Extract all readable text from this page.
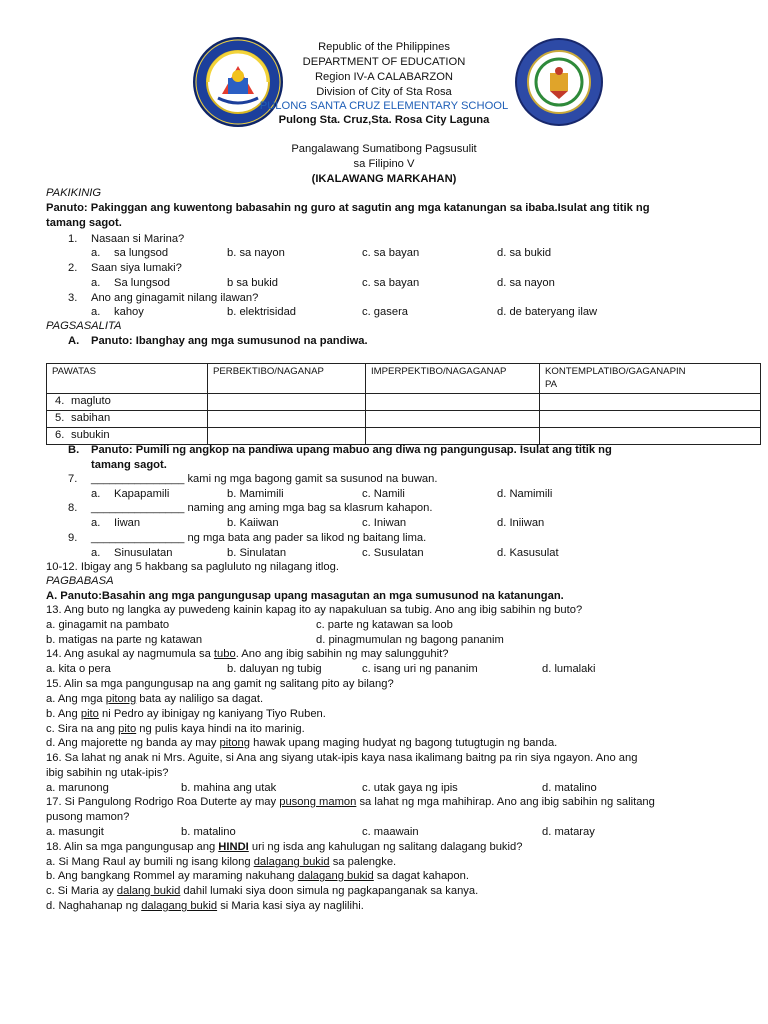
Republic of the Philippines
DEPARTMENT OF EDUCATION
Region IV-A CALABARZON
Division of City of Sta Rosa
PULONG SANTA CRUZ ELEMENTARY SCHOOL
Pulong Sta. Cruz,Sta. Rosa City Laguna
Pangalawang Sumatibong Pagsusulit
sa Filipino V
(IKALAWANG MARKAHAN)
PAKIKINIG
Panuto: Pakinggan ang kuwentong babasahin ng guro at sagutin ang mga katanungan sa ibaba.Isulat ang titik ng
tamang sagot.
1. Nasaan si Marina?
a. sa lungsod	b. sa nayon	c. sa bayan	d. sa bukid
2. Saan siya lumaki?
a. Sa lungsod	b sa bukid	c. sa bayan	d. sa nayon
3. Ano ang ginagamit nilang ilawan?
a. kahoy	b. elektrisidad	c. gasera	d. de bateryang ilaw
PAGSASALITA
A. Panuto: Ibanghay ang mga sumusunod na pandiwa.
PAWATAS	PERBEKTIBO/NAGANAP	IMPERPEKTIBO/NAGAGANAP	KONTEMPLATIBO/GAGANAPIN
PA
4. magluto			
5. sabihan			
6. subukin			
B. Panuto: Pumili ng angkop na pandiwa upang mabuo ang diwa ng pangungusap. Isulat ang titik ng
tamang sagot.
7. _______________ kami ng mga bagong gamit sa susunod na buwan.
a. Kapapamili	b. Mamimili	c. Namili	d. Namimili
8. _______________ naming ang aming mga bag sa klasrum kahapon.
a. Iiwan	b. Kaiiwan	c. Iniwan	d. Iniiwan
9. _______________ ng mga bata ang pader sa likod ng baitang lima.
a. Sinusulatan	b. Sinulatan	c. Susulatan	d. Kasusulat
10-12. Ibigay ang 5 hakbang sa pagluluto ng nilagang itlog.
PAGBABASA
A. Panuto:Basahin ang mga pangungusap upang masagutan an mga sumusunod na katanungan.
13. Ang buto ng langka ay puwedeng kainin kapag ito ay napakuluan sa tubig. Ano ang ibig sabihin ng buto?
a. ginagamit na pambato	c. parte ng katawan sa loob
b. matigas na parte ng katawan	d. pinagmumulan ng bagong pananim
14. Ang asukal ay nagmumula sa tubo. Ano ang ibig sabihin ng may salungguhit?
a. kita o pera	b. daluyan ng tubig	c. isang uri ng pananim	d. lumalaki
15. Alin sa mga pangungusap na ang gamit ng salitang pito ay bilang?
a. Ang mga pitong bata ay naliligo sa dagat.
b. Ang pito ni Pedro ay ibinigay ng kaniyang Tiyo Ruben.
c. Sira na ang pito ng pulis kaya hindi na ito marinig.
d. Ang majorette ng banda ay may pitong hawak upang maging hudyat ng bagong tutugtugin ng banda.
16. Sa lahat ng anak ni Mrs. Aguite, si Ana ang siyang utak-ipis kaya nasa ikalimang baitng pa rin siya ngayon. Ano ang
ibig sabihin ng utak-ipis?
a. marunong	b. mahina ang utak	c. utak gaya ng ipis	d. matalino
17. Si Pangulong Rodrigo Roa Duterte ay may pusong mamon sa lahat ng mga mahihirap. Ano ang ibig sabihin ng salitang
pusong mamon?
a. masungit	b. matalino	c. maawain	d. mataray
18. Alin sa mga pangungusap ang HINDI uri ng isda ang kahulugan ng salitang dalagang bukid?
a. Si Mang Raul ay bumili ng isang kilong dalagang bukid sa palengke.
b. Ang bangkang Rommel ay maraming nakuhang dalagang bukid sa dagat kahapon.
c. Si Maria ay dalang bukid dahil lumaki siya doon simula ng pagkapanganak sa kanya.
d. Naghahanap ng dalagang bukid si Maria kasi siya ay naglilihi.
